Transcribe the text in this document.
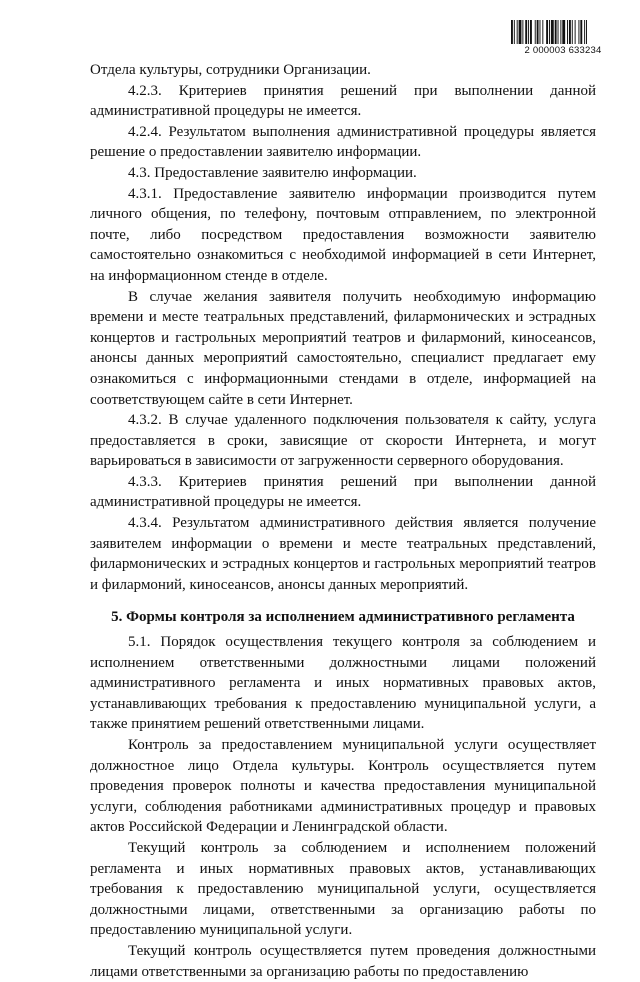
2 000003 633234

Отдела культуры, сотрудники Организации.

4.2.3. Критериев принятия решений при выполнении данной административной процедуры не имеется.

4.2.4. Результатом выполнения административной процедуры является решение о предоставлении заявителю информации.

4.3. Предоставление заявителю информации.

4.3.1. Предоставление заявителю информации производится путем личного общения, по телефону, почтовым отправлением, по электронной почте, либо посредством предоставления возможности заявителю самостоятельно ознакомиться с необходимой информацией в сети Интернет, на информационном стенде в отделе.

В случае желания заявителя получить необходимую информацию времени и месте театральных представлений, филармонических и эстрадных концертов и гастрольных мероприятий театров и филармоний, киносеансов, анонсы данных мероприятий самостоятельно, специалист предлагает ему ознакомиться с информационными стендами в отделе, информацией на соответствующем сайте в сети Интернет.

4.3.2. В случае удаленного подключения пользователя к сайту, услуга предоставляется в сроки, зависящие от скорости Интернета, и могут варьироваться в зависимости от загруженности серверного оборудования.

4.3.3. Критериев принятия решений при выполнении данной административной процедуры не имеется.

4.3.4. Результатом административного действия является получение заявителем информации о времени и месте театральных представлений, филармонических и эстрадных концертов и гастрольных мероприятий театров и филармоний, киносеансов, анонсы данных мероприятий.

5. Формы контроля за исполнением административного регламента

5.1. Порядок осуществления текущего контроля за соблюдением и исполнением ответственными должностными лицами положений административного регламента и иных нормативных правовых актов, устанавливающих требования к предоставлению муниципальной услуги, а также принятием решений ответственными лицами.

Контроль за предоставлением муниципальной услуги осуществляет должностное лицо Отдела культуры. Контроль осуществляется путем проведения проверок полноты и качества предоставления муниципальной услуги, соблюдения работниками административных процедур и правовых актов Российской Федерации и Ленинградской области.

Текущий контроль за соблюдением и исполнением положений регламента и иных нормативных правовых актов, устанавливающих требования к предоставлению муниципальной услуги, осуществляется должностными лицами, ответственными за организацию работы по предоставлению муниципальной услуги.

Текущий контроль осуществляется путем проведения должностными лицами ответственными за организацию работы по предоставлению
